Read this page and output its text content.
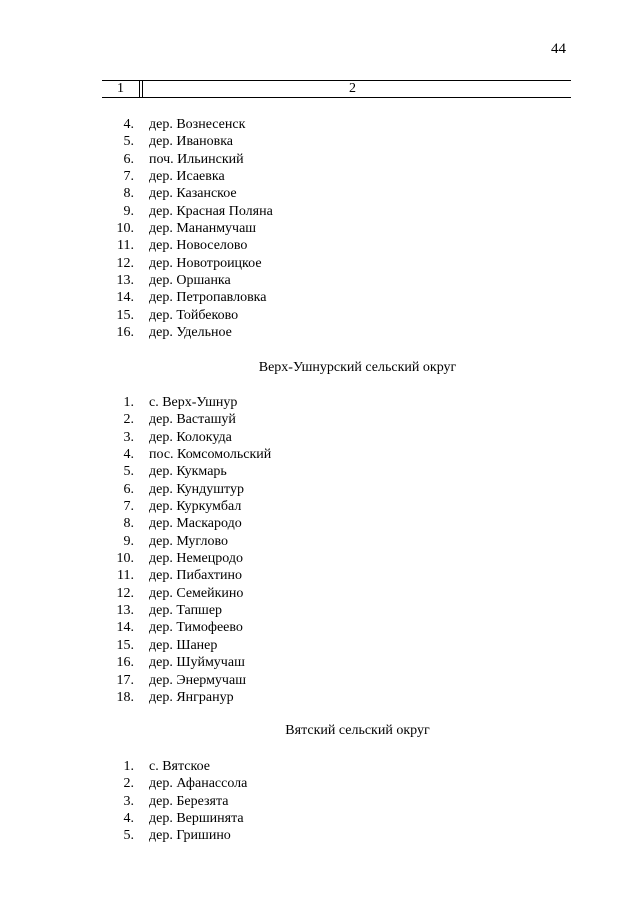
44
1	2
4. дер. Вознесенск
5. дер. Ивановка
6. поч. Ильинский
7. дер. Исаевка
8. дер. Казанское
9. дер. Красная Поляна
10. дер. Мананмучаш
11. дер. Новоселово
12. дер. Новотроицкое
13. дер. Оршанка
14. дер. Петропавловка
15. дер. Тойбеково
16. дер. Удельное
Верх-Ушнурский сельский округ
1. с. Верх-Ушнур
2. дер. Васташуй
3. дер. Колокуда
4. пос. Комсомольский
5. дер. Кукмарь
6. дер. Кундуштур
7. дер. Куркумбал
8. дер. Маскародо
9. дер. Муглово
10. дер. Немецродо
11. дер. Пибахтино
12. дер. Семейкино
13. дер. Тапшер
14. дер. Тимофеево
15. дер. Шанер
16. дер. Шуймучаш
17. дер. Энермучаш
18. дер. Янгранур
Вятский сельский округ
1. с. Вятское
2. дер. Афанассола
3. дер. Березята
4. дер. Вершинята
5. дер. Гришино
